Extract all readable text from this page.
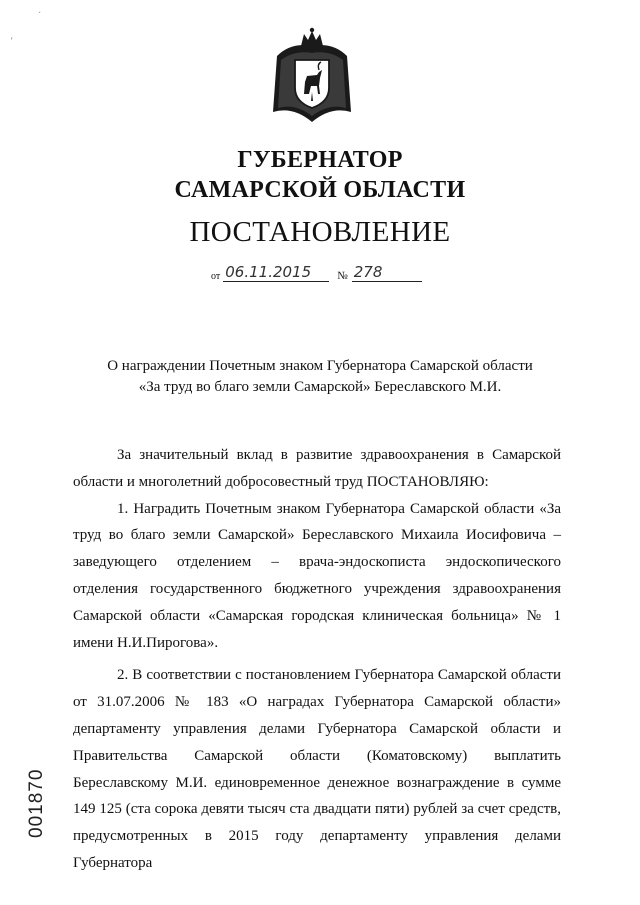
·
ʻ
ГУБЕРНАТОР
САМАРСКОЙ ОБЛАСТИ
ПОСТАНОВЛЕНИЕ
от 06.11.2015	№ 278
О награждении Почетным знаком Губернатора Самарской области
«За труд во благо земли Самарской» Береславского М.И.

За значительный вклад в развитие здравоохранения в Самарской области и многолетний добросовестный труд ПОСТАНОВЛЯЮ:

1. Наградить Почетным знаком Губернатора Самарской области «За труд во благо земли Самарской» Береславского Михаила Иосифовича – заведующего отделением – врача-эндоскописта эндоскопического отделения государственного бюджетного учреждения здравоохранения Самарской области «Самарская городская клиническая больница» № 1 имени Н.И.Пирогова».

2. В соответствии с постановлением Губернатора Самарской области от 31.07.2006 № 183 «О наградах Губернатора Самарской области» департаменту управления делами Губернатора Самарской области и Правительства Самарской области (Коматовскому) выплатить Береславскому М.И. единовременное денежное вознаграждение в сумме 149 125 (ста сорока девяти тысяч ста двадцати пяти) рублей за счет средств, предусмотренных в 2015 году департаменту управления делами Губернатора

001870
